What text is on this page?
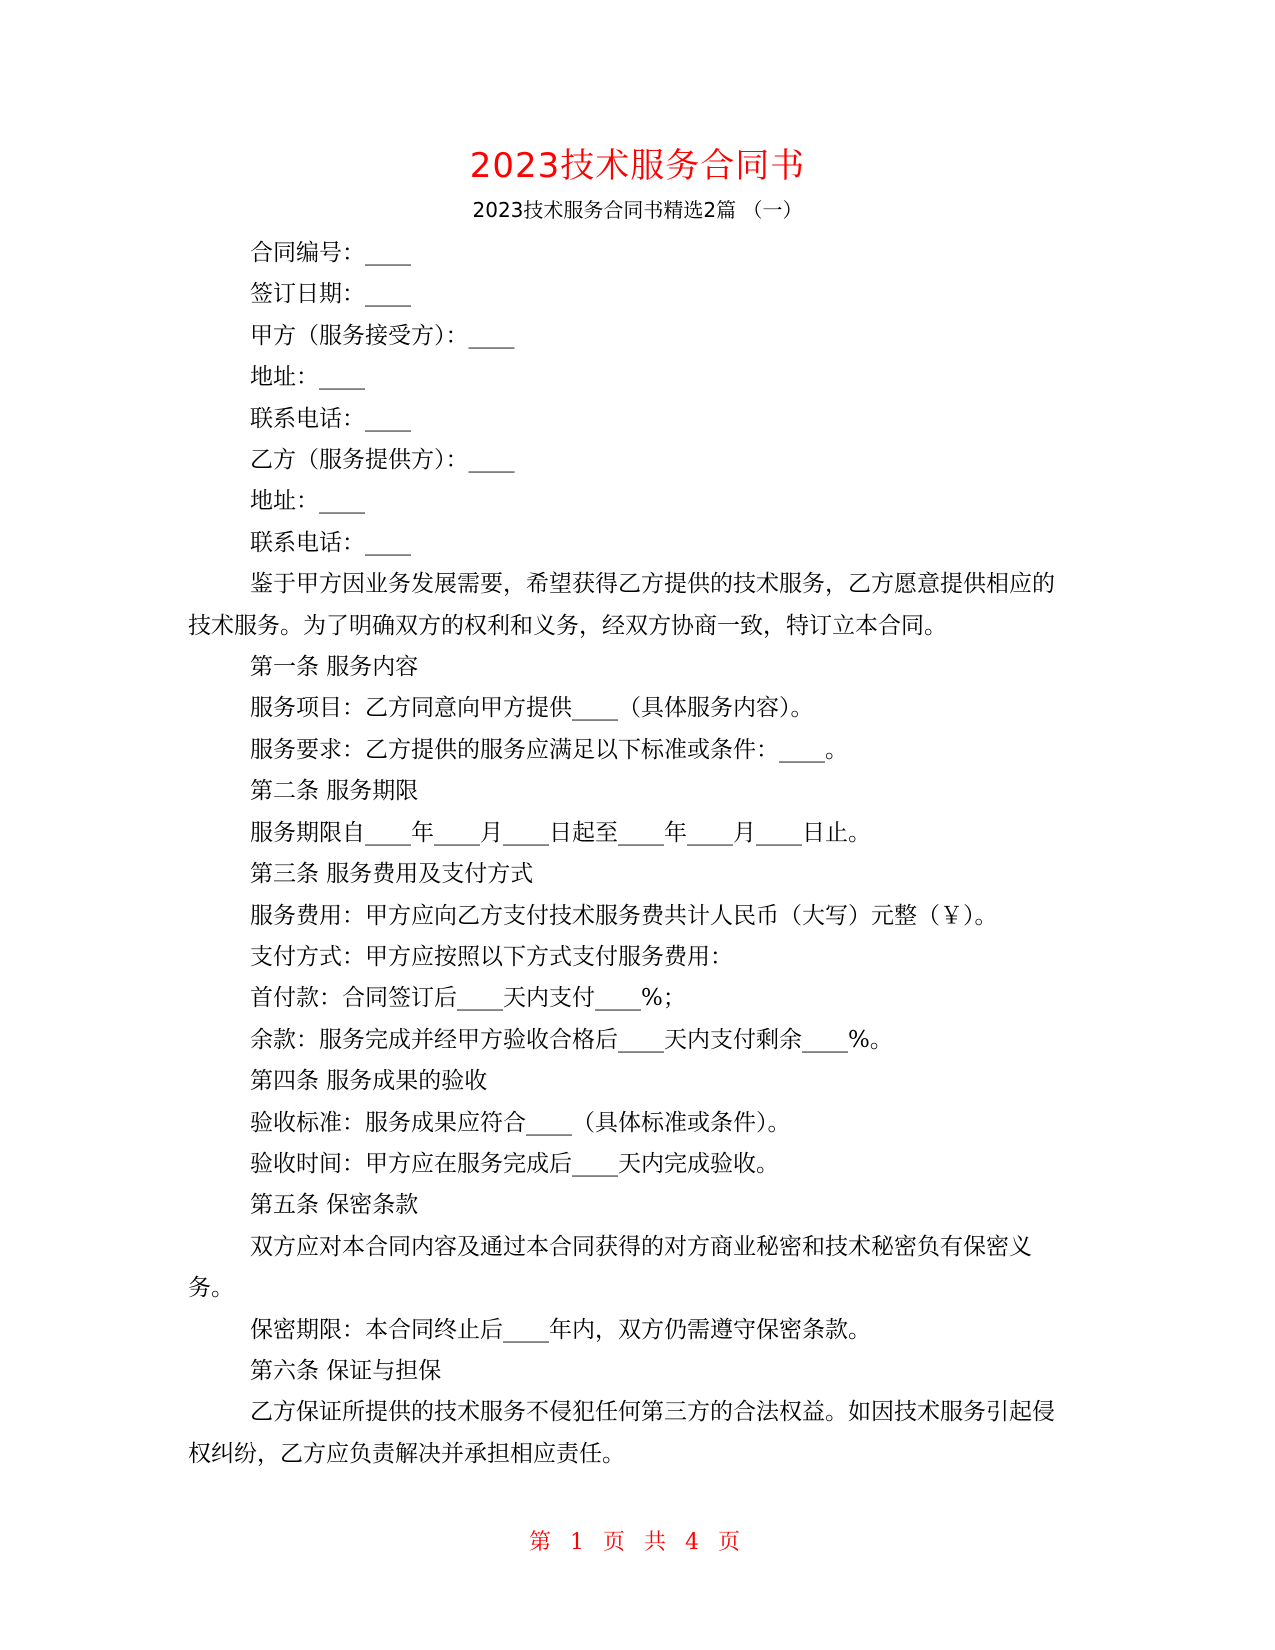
2023技术服务合同书
2023技术服务合同书精选2篇 （一）

合同编号：____

签订日期：____

甲方（服务接受方）：____

地址：____

联系电话：____

乙方（服务提供方）：____

地址：____

联系电话：____

鉴于甲方因业务发展需要，希望获得乙方提供的技术服务，乙方愿意提供相应的技术服务。为了明确双方的权利和义务，经双方协商一致，特订立本合同。

第一条 服务内容

服务项目：乙方同意向甲方提供____（具体服务内容）。

服务要求：乙方提供的服务应满足以下标准或条件：____。

第二条 服务期限

服务期限自____年____月____日起至____年____月____日止。

第三条 服务费用及支付方式

服务费用：甲方应向乙方支付技术服务费共计人民币（大写）元整（￥）。

支付方式：甲方应按照以下方式支付服务费用：

首付款：合同签订后____天内支付____%；

余款：服务完成并经甲方验收合格后____天内支付剩余____%。

第四条 服务成果的验收

验收标准：服务成果应符合____（具体标准或条件）。

验收时间：甲方应在服务完成后____天内完成验收。

第五条 保密条款

双方应对本合同内容及通过本合同获得的对方商业秘密和技术秘密负有保密义务。

保密期限：本合同终止后____年内，双方仍需遵守保密条款。

第六条 保证与担保

乙方保证所提供的技术服务不侵犯任何第三方的合法权益。如因技术服务引起侵权纠纷，乙方应负责解决并承担相应责任。

第 1 页 共 4 页
